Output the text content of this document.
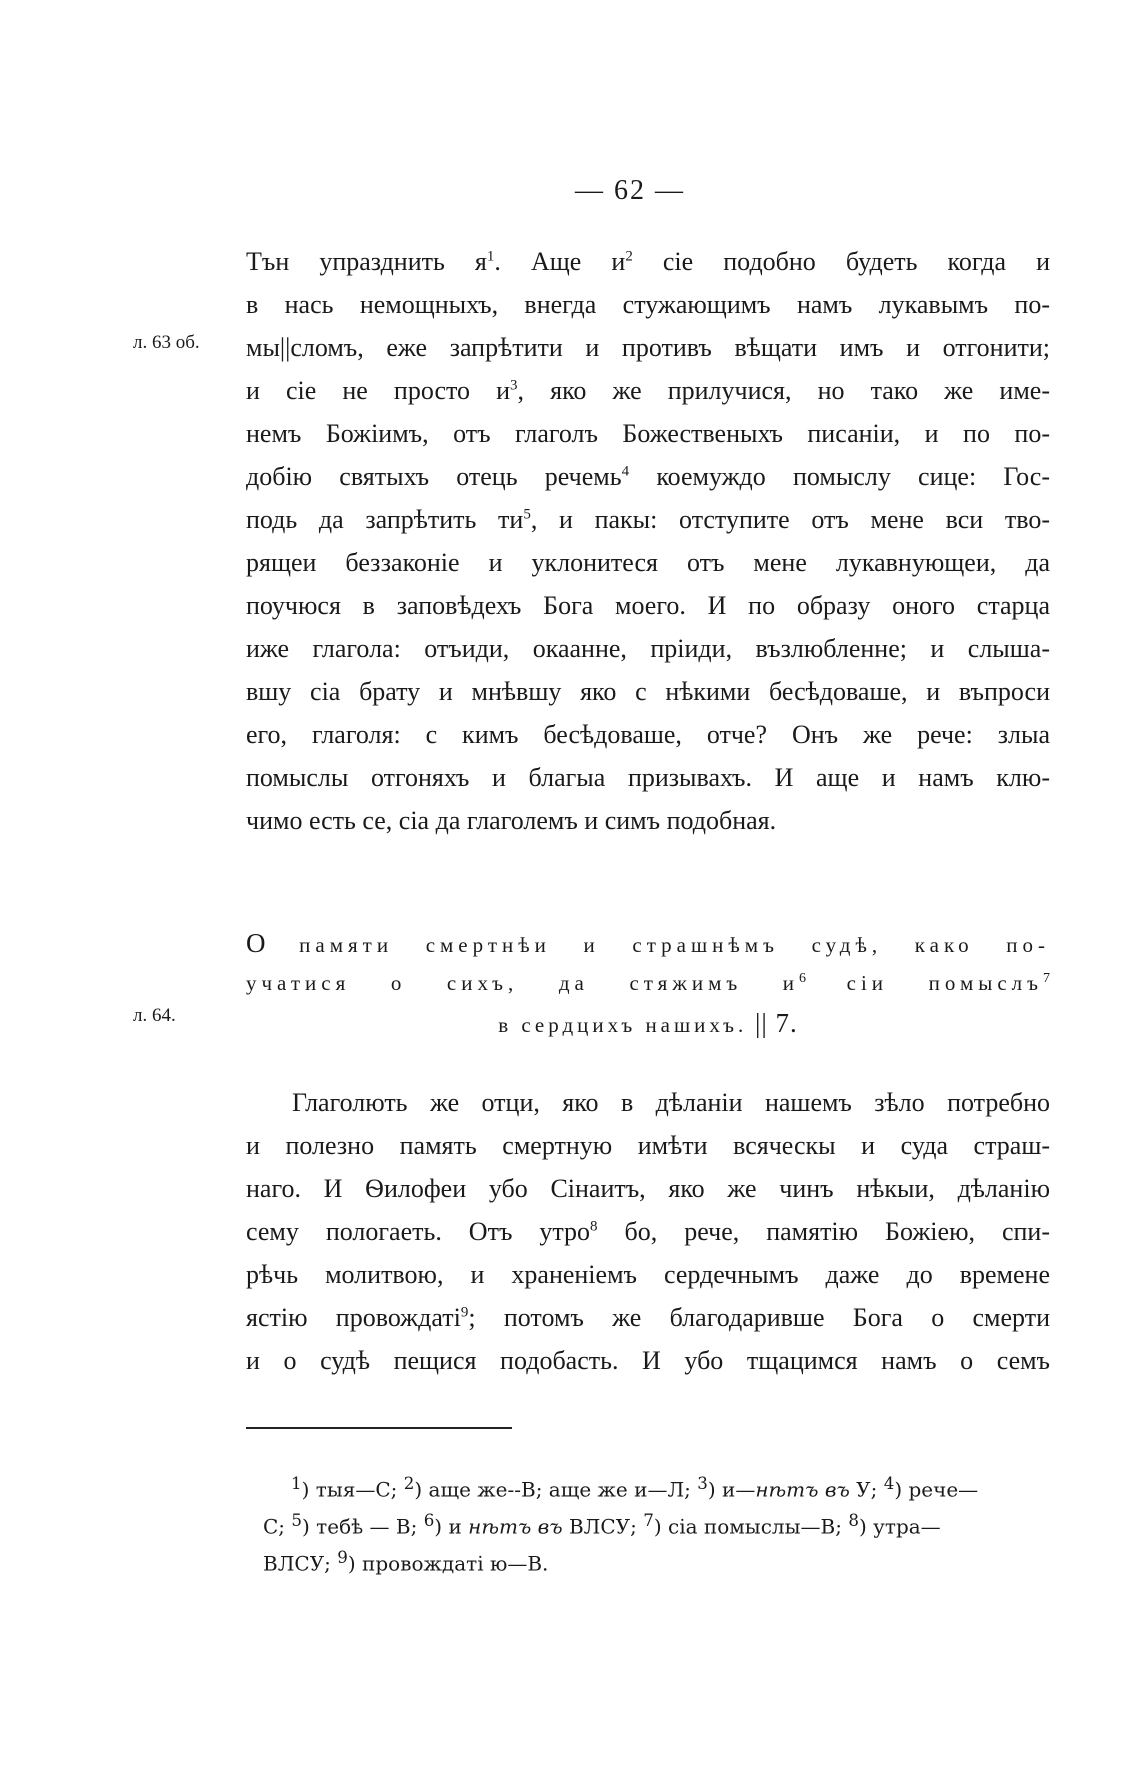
— 62 —
л. 63 об.
л. 64.
Тън упразднить $я^1$. Аще $и^2$ сіе подобно будеть когда и
в нась немощныхъ, внегда стужающимъ намъ лукавымъ по-
мы||сломъ, еже запрѣтити и противъ вѣщати имъ и отгонити;
и сіе не просто $и^3$, яко же прилучися, но тако же име-
немъ Божіимъ, отъ глаголъ Божественыхъ писаніи, и по по-
добію святыхъ отець речемь$^4$ коемуждо помыслу сице: Гос-
подь да запрѣтить $ти^5$, и пакы: отступите отъ мене вси тво-
рящеи беззаконіе и уклонитеся отъ мене лукавнующеи, да
поучюся в заповѣдехъ Бога моего. И по образу оного старца
иже глагола: отъиди, окаанне, пріиди, възлюбленне; и слыша-
вшу сіа брату и мнѣвшу яко с нѣкими бесѣдоваше, и въпроси
его, глаголя: с кимъ бесѣдоваше, отче? Онъ же рече: злыа
помыслы отгоняхъ и благыа призывахъ. И аще и намъ клю-
чимо есть се, сіа да глаголемъ и симъ подобная.
О памяти смертнѣи и страшнѣмъ судѣ, како по-
учатися о сихъ, да стяжимъ $и^6$ сіи помыслъ$^7$
в сердцихъ нашихъ. || 7.
Глаголють же отци, яко в дѣланіи нашемъ зѣло потребно
и полезно память смертную имѣти всяческы и суда страш-
наго. И Ѳилофеи убо Сінаитъ, яко же чинъ нѣкыи, дѣланію
сему пологаеть. Отъ утро$^8$ бо, рече, памятію Божіею, спи-
рѣчь молитвою, и храненіемъ сердечнымъ даже до времене
ястію провождаті$^9$; потомъ же благодаривше Бога о смерти
и о судѣ пещися подобасть. И убо тщацимся намъ о семъ
$^1$) тыя—С; $^2$) аще же--В; аще же и—Л; $^3$) и—нѣтъ въ У; $^4$) рече—
С; $^5$) тебѣ — В; $^6$) и нѣтъ въ ВЛСУ; $^7$) сіа помыслы—В; $^8$) утра—
ВЛСУ; $^9$) провождаті ю—В.
